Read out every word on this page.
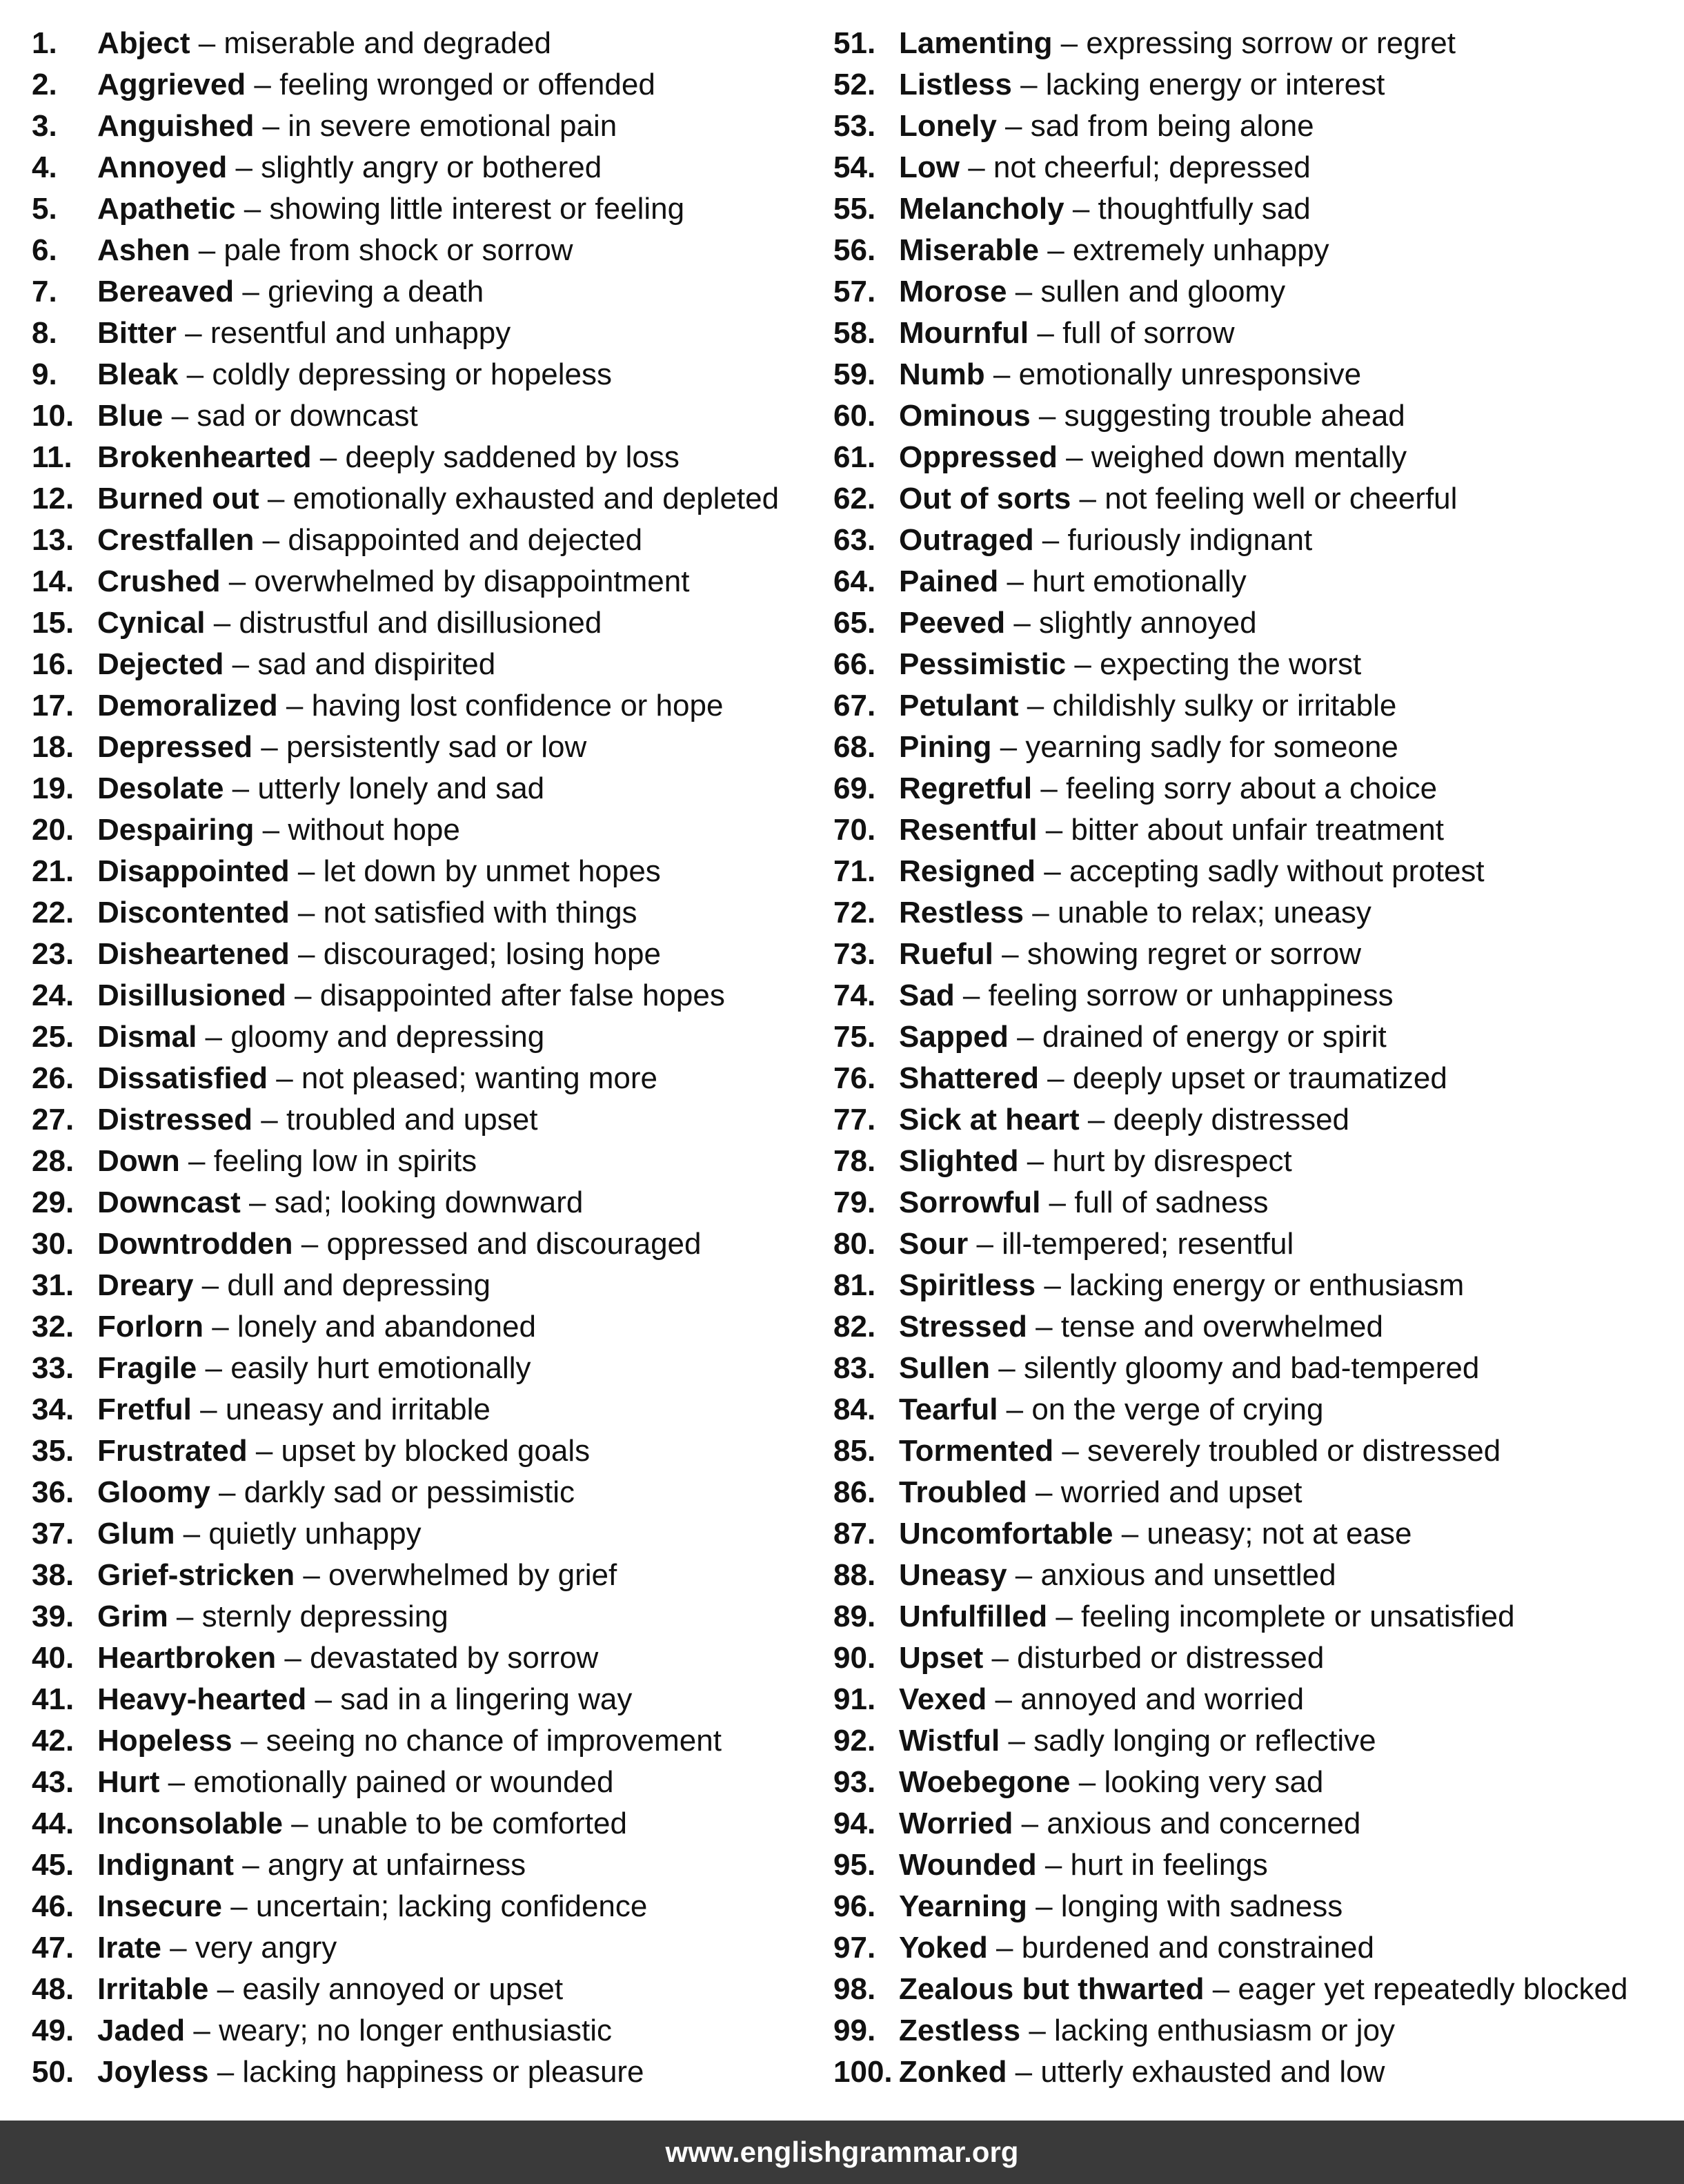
1. Abject – miserable and degraded
2. Aggrieved – feeling wronged or offended
3. Anguished – in severe emotional pain
4. Annoyed – slightly angry or bothered
5. Apathetic – showing little interest or feeling
6. Ashen – pale from shock or sorrow
7. Bereaved – grieving a death
8. Bitter – resentful and unhappy
9. Bleak – coldly depressing or hopeless
10. Blue – sad or downcast
11. Brokenhearted – deeply saddened by loss
12. Burned out – emotionally exhausted and depleted
13. Crestfallen – disappointed and dejected
14. Crushed – overwhelmed by disappointment
15. Cynical – distrustful and disillusioned
16. Dejected – sad and dispirited
17. Demoralized – having lost confidence or hope
18. Depressed – persistently sad or low
19. Desolate – utterly lonely and sad
20. Despairing – without hope
21. Disappointed – let down by unmet hopes
22. Discontented – not satisfied with things
23. Disheartened – discouraged; losing hope
24. Disillusioned – disappointed after false hopes
25. Dismal – gloomy and depressing
26. Dissatisfied – not pleased; wanting more
27. Distressed – troubled and upset
28. Down – feeling low in spirits
29. Downcast – sad; looking downward
30. Downtrodden – oppressed and discouraged
31. Dreary – dull and depressing
32. Forlorn – lonely and abandoned
33. Fragile – easily hurt emotionally
34. Fretful – uneasy and irritable
35. Frustrated – upset by blocked goals
36. Gloomy – darkly sad or pessimistic
37. Glum – quietly unhappy
38. Grief-stricken – overwhelmed by grief
39. Grim – sternly depressing
40. Heartbroken – devastated by sorrow
41. Heavy-hearted – sad in a lingering way
42. Hopeless – seeing no chance of improvement
43. Hurt – emotionally pained or wounded
44. Inconsolable – unable to be comforted
45. Indignant – angry at unfairness
46. Insecure – uncertain; lacking confidence
47. Irate – very angry
48. Irritable – easily annoyed or upset
49. Jaded – weary; no longer enthusiastic
50. Joyless – lacking happiness or pleasure
51. Lamenting – expressing sorrow or regret
52. Listless – lacking energy or interest
53. Lonely – sad from being alone
54. Low – not cheerful; depressed
55. Melancholy – thoughtfully sad
56. Miserable – extremely unhappy
57. Morose – sullen and gloomy
58. Mournful – full of sorrow
59. Numb – emotionally unresponsive
60. Ominous – suggesting trouble ahead
61. Oppressed – weighed down mentally
62. Out of sorts – not feeling well or cheerful
63. Outraged – furiously indignant
64. Pained – hurt emotionally
65. Peeved – slightly annoyed
66. Pessimistic – expecting the worst
67. Petulant – childishly sulky or irritable
68. Pining – yearning sadly for someone
69. Regretful – feeling sorry about a choice
70. Resentful – bitter about unfair treatment
71. Resigned – accepting sadly without protest
72. Restless – unable to relax; uneasy
73. Rueful – showing regret or sorrow
74. Sad – feeling sorrow or unhappiness
75. Sapped – drained of energy or spirit
76. Shattered – deeply upset or traumatized
77. Sick at heart – deeply distressed
78. Slighted – hurt by disrespect
79. Sorrowful – full of sadness
80. Sour – ill-tempered; resentful
81. Spiritless – lacking energy or enthusiasm
82. Stressed – tense and overwhelmed
83. Sullen – silently gloomy and bad-tempered
84. Tearful – on the verge of crying
85. Tormented – severely troubled or distressed
86. Troubled – worried and upset
87. Uncomfortable – uneasy; not at ease
88. Uneasy – anxious and unsettled
89. Unfulfilled – feeling incomplete or unsatisfied
90. Upset – disturbed or distressed
91. Vexed – annoyed and worried
92. Wistful – sadly longing or reflective
93. Woebegone – looking very sad
94. Worried – anxious and concerned
95. Wounded – hurt in feelings
96. Yearning – longing with sadness
97. Yoked – burdened and constrained
98. Zealous but thwarted – eager yet repeatedly blocked
99. Zestless – lacking enthusiasm or joy
100. Zonked – utterly exhausted and low
www.englishgrammar.org
